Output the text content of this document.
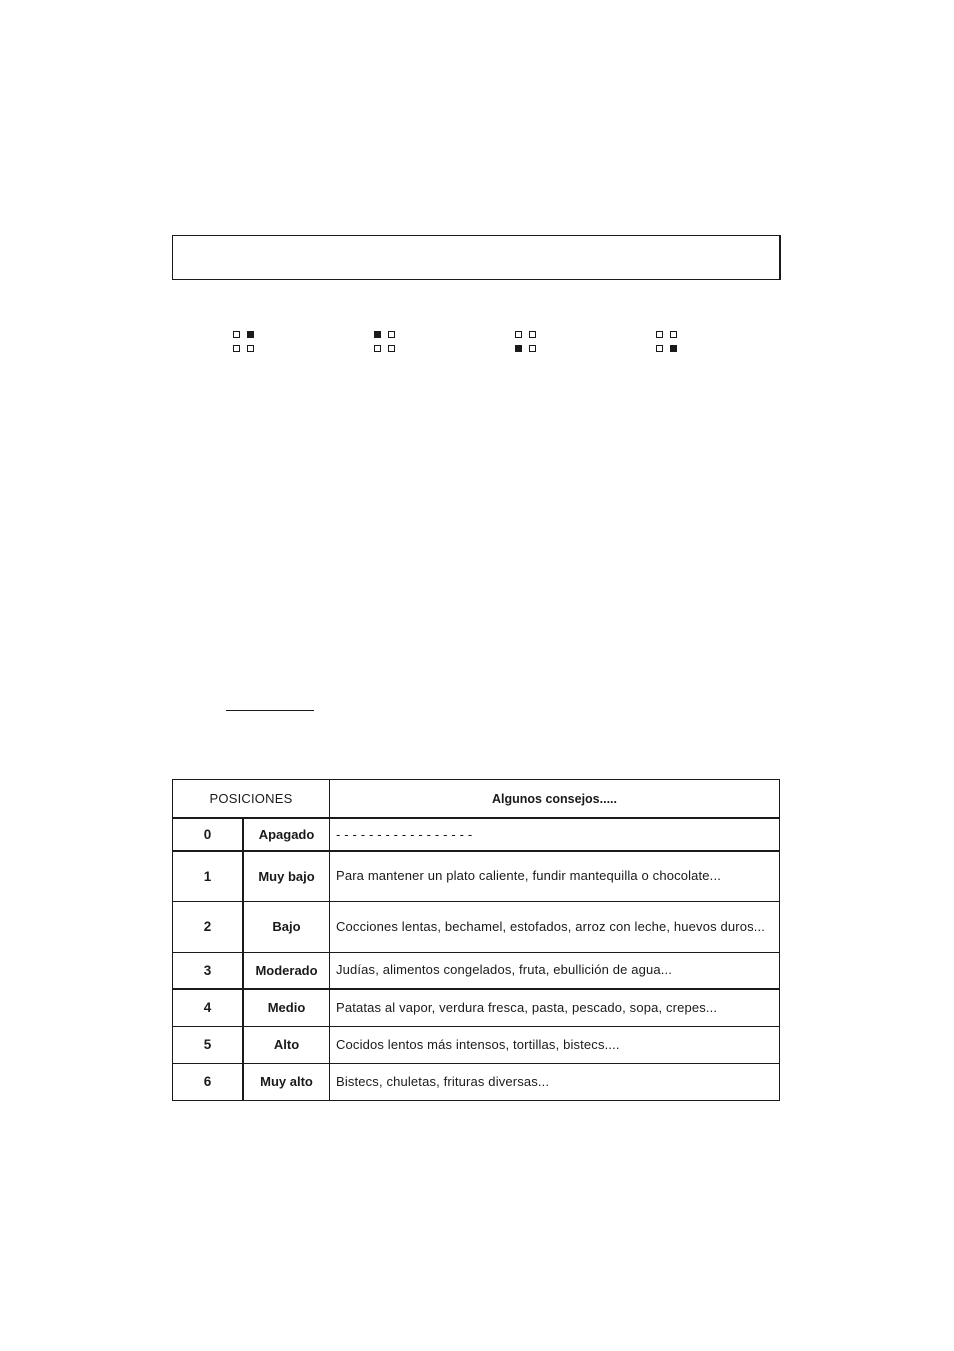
POSICIONES		Algunos consejos.....
0	Apagado	- - - - - - - - - - - - - - - - -
1	Muy bajo	Para mantener un plato caliente, fundir mantequilla o chocolate...
2	Bajo	Cocciones lentas, bechamel, estofados, arroz con leche, huevos duros...
3	Moderado	Judías, alimentos congelados, fruta, ebullición de agua...
4	Medio	Patatas al vapor, verdura fresca, pasta, pescado, sopa, crepes...
5	Alto	Cocidos lentos más intensos, tortillas, bistecs....
6	Muy alto	Bistecs, chuletas, frituras diversas...
